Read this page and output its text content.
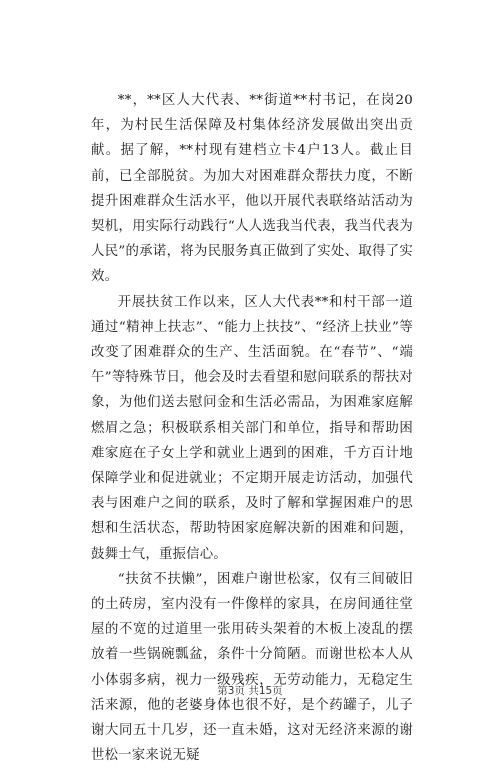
**，**区人大代表、**街道**村书记，在岗20年，为村民生活保障及村集体经济发展做出突出贡献。据了解，**村现有建档立卡4户13人。截止目前，已全部脱贫。为加大对困难群众帮扶力度，不断提升困难群众生活水平，他以开展代表联络站活动为契机，用实际行动践行“人人选我当代表，我当代表为人民”的承诺，将为民服务真正做到了实处、取得了实效。

开展扶贫工作以来，区人大代表**和村干部一道通过“精神上扶志”、“能力上扶技”、“经济上扶业”等改变了困难群众的生产、生活面貌。在“春节”、“端午”等特殊节日，他会及时去看望和慰问联系的帮扶对象，为他们送去慰问金和生活必需品，为困难家庭解燃眉之急；积极联系相关部门和单位，指导和帮助困难家庭在子女上学和就业上遇到的困难，千方百计地保障学业和促进就业；不定期开展走访活动，加强代表与困难户之间的联系，及时了解和掌握困难户的思想和生活状态，帮助特困家庭解决新的困难和问题，鼓舞士气，重振信心。

“扶贫不扶懒”，困难户谢世松家，仅有三间破旧的土砖房，室内没有一件像样的家具，在房间通往堂屋的不宽的过道里一张用砖头架着的木板上凌乱的摆放着一些锅碗瓢盆，条件十分简陋。而谢世松本人从小体弱多病，视力一级残疾，无劳动能力，无稳定生活来源，他的老婆身体也很不好，是个药罐子，儿子谢大同五十几岁，还一直未婚，这对无经济来源的谢世松一家来说无疑

第3页 共15页
